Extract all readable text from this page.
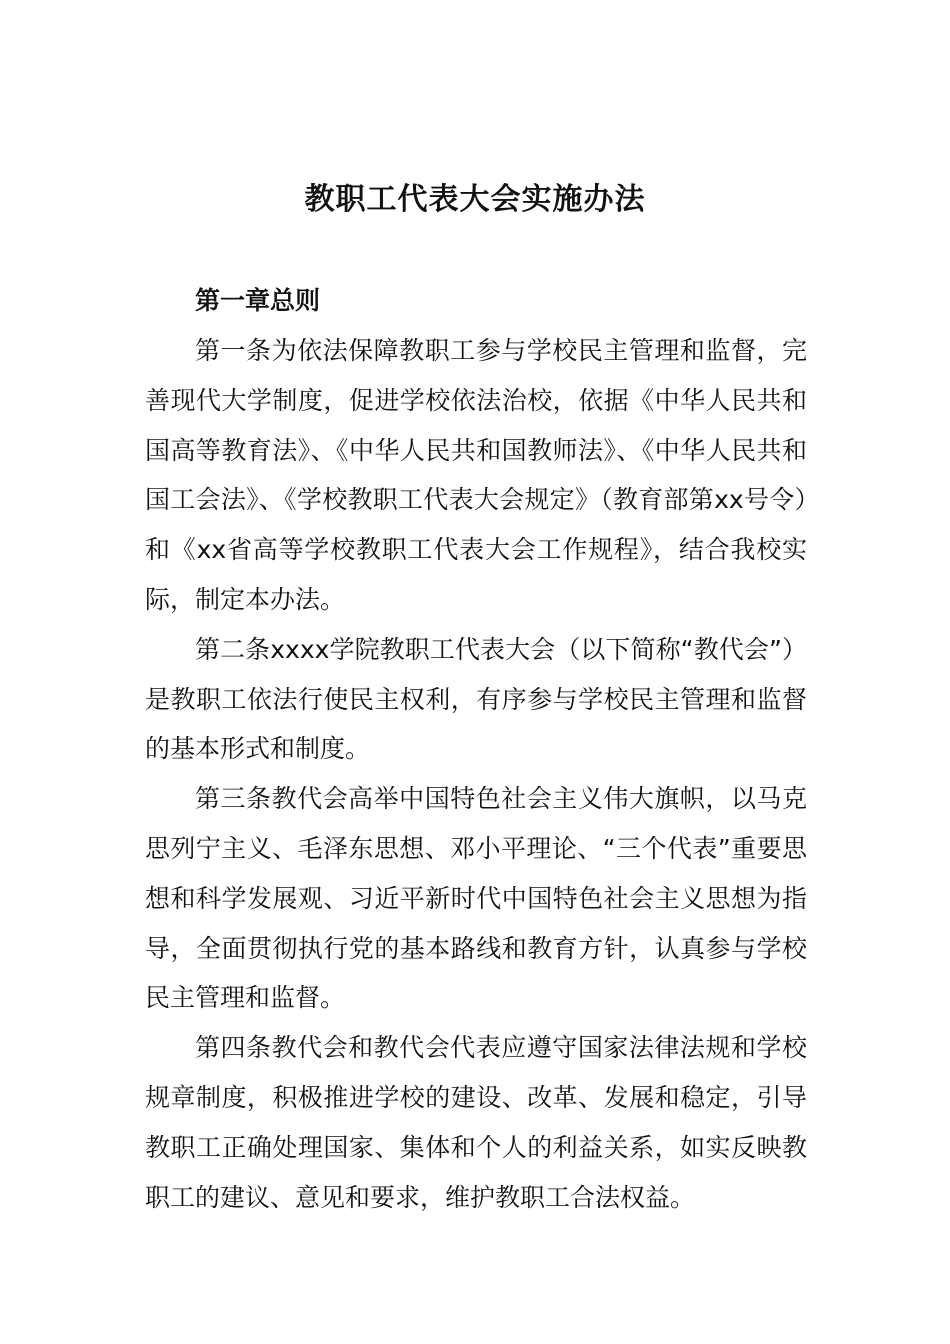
教职工代表大会实施办法

第一章总则

第一条为依法保障教职工参与学校民主管理和监督，完善现代大学制度，促进学校依法治校，依据《中华人民共和国高等教育法》、《中华人民共和国教师法》、《中华人民共和国工会法》、《学校教职工代表大会规定》（教育部第xx号令）和《xx省高等学校教职工代表大会工作规程》，结合我校实际，制定本办法。

第二条xxxx学院教职工代表大会（以下简称“教代会”）是教职工依法行使民主权利，有序参与学校民主管理和监督的基本形式和制度。

第三条教代会高举中国特色社会主义伟大旗帜，以马克思列宁主义、毛泽东思想、邓小平理论、“三个代表”重要思想和科学发展观、习近平新时代中国特色社会主义思想为指导，全面贯彻执行党的基本路线和教育方针，认真参与学校民主管理和监督。

第四条教代会和教代会代表应遵守国家法律法规和学校规章制度，积极推进学校的建设、改革、发展和稳定，引导教职工正确处理国家、集体和个人的利益关系，如实反映教职工的建议、意见和要求，维护教职工合法权益。
